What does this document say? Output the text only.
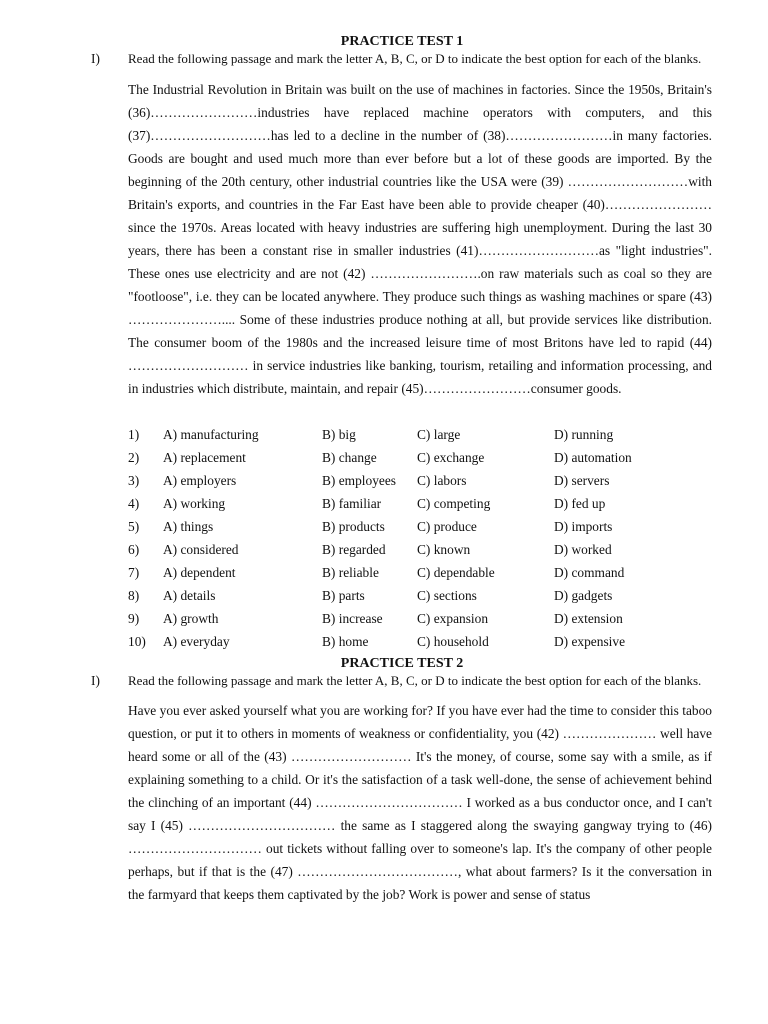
PRACTICE TEST 1
I) Read the following passage and mark the letter A, B, C, or D to indicate the best option for each of the blanks.

The Industrial Revolution in Britain was built on the use of machines in factories. Since the 1950s, Britain's (36)……………………industries have replaced machine operators with computers, and this (37)………………………has led to a decline in the number of (38)……………………in many factories. Goods are bought and used much more than ever before but a lot of these goods are imported. By the beginning of the 20th century, other industrial countries like the USA were (39) ………………………with Britain's exports, and countries in the Far East have been able to provide cheaper (40)……………………since the 1970s. Areas located with heavy industries are suffering high unemployment. During the last 30 years, there has been a constant rise in smaller industries (41)………………………as "light industries". These ones use electricity and are not (42) …………………….on raw materials such as coal so they are "footloose", i.e. they can be located anywhere. They produce such things as washing machines or spare (43) ………………….... Some of these industries produce nothing at all, but provide services like distribution. The consumer boom of the 1980s and the increased leisure time of most Britons have led to rapid (44) ……………………… in service industries like banking, tourism, retailing and information processing, and in industries which distribute, maintain, and repair (45)……………………consumer goods.

1) A) manufacturing	B) big	C) large	D) running
2) A) replacement	B) change	C) exchange	D) automation
3) A) employers	B) employees C) labors	D) servers
4) A) working	B) familiar	C) competing	D) fed up
5) A) things	B) products C) produce	D) imports
6) A) considered	B) regarded C) known	D) worked
7) A) dependent	B) reliable	C) dependable	D) command
8) A) details	B) parts	C) sections	D) gadgets
9) A) growth	B) increase	C) expansion	D) extension
10) A) everyday	B) home	C) household	D) expensive
PRACTICE TEST 2
I) Read the following passage and mark the letter A, B, C, or D to indicate the best option for each of the blanks.

Have you ever asked yourself what you are working for? If you have ever had the time to consider this taboo question, or put it to others in moments of weakness or confidentiality, you (42) ………………… well have heard some or all of the (43) ……………………… It's the money, of course, some say with a smile, as if explaining something to a child. Or it's the satisfaction of a task well-done, the sense of achievement behind the clinching of an important (44) …………………………… I worked as a bus conductor once, and I can't say I (45) …………………………… the same as I staggered along the swaying gangway trying to (46) ………………………… out tickets without falling over to someone's lap. It's the company of other people perhaps, but if that is the (47) ………………………………, what about farmers? Is it the conversation in the farmyard that keeps them captivated by the job? Work is power and sense of status
